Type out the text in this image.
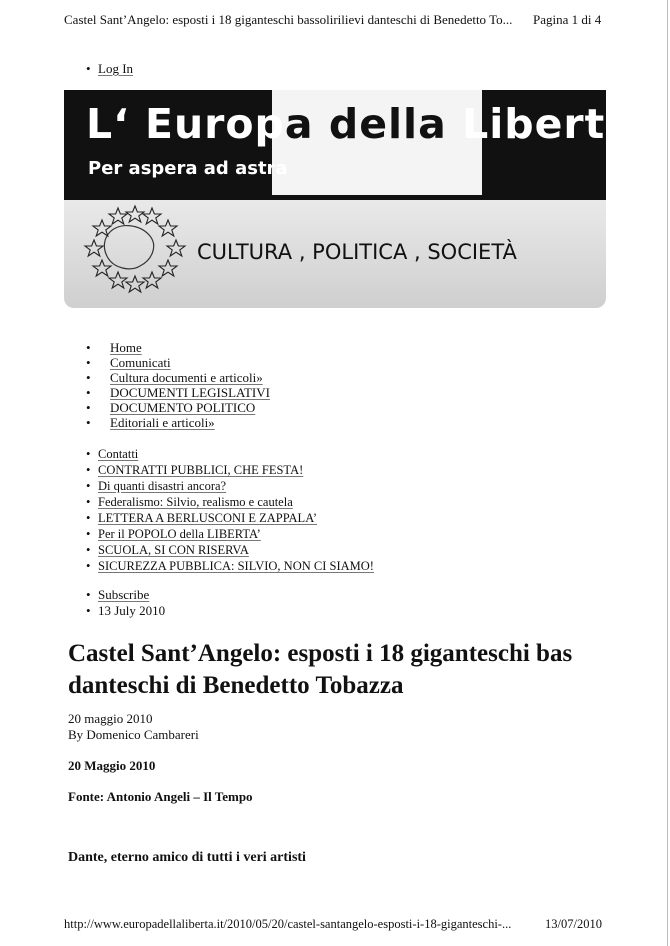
Castel Sant’Angelo: esposti i 18 giganteschi bassolirilievi danteschi di Benedetto To... Pagina 1 di 4
• Log In
L‘ Europa della Libert
Per aspera ad astra
CULTURA , POLITICA , SOCIETÀ
• Home
• Comunicati
• Cultura documenti e articoli»
• DOCUMENTI LEGISLATIVI
• DOCUMENTO POLITICO
• Editoriali e articoli»
• Contatti
• CONTRATTI PUBBLICI, CHE FESTA!
• Di quanti disastri ancora?
• Federalismo: Silvio, realismo e cautela
• LETTERA A BERLUSCONI E ZAPPALA’
• Per il POPOLO della LIBERTA’
• SCUOLA, SI CON RISERVA
• SICUREZZA PUBBLICA: SILVIO, NON CI SIAMO!
• Subscribe
• 13 July 2010
Castel Sant’Angelo: esposti i 18 giganteschi bas
danteschi di Benedetto Tobazza
20 maggio 2010
By Domenico Cambareri
20 Maggio 2010
Fonte: Antonio Angeli – Il Tempo
Dante, eterno amico di tutti i veri artisti
http://www.europadellaliberta.it/2010/05/20/castel-santangelo-esposti-i-18-giganteschi-...	13/07/2010
